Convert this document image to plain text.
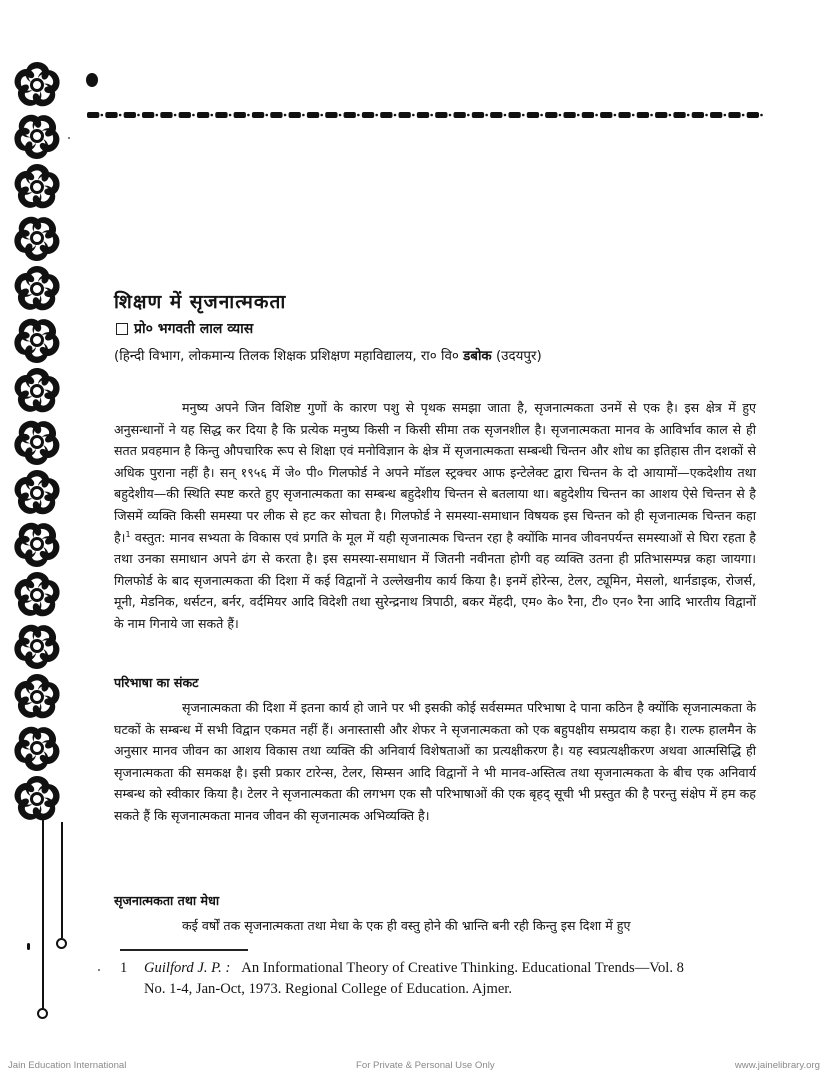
शिक्षण में सृजनात्मकता
प्रो० भगवती लाल व्यास
(हिन्दी विभाग, लोकमान्य तिलक शिक्षक प्रशिक्षण महाविद्यालय, रा० वि० डबोक (उदयपुर)

मनुष्य अपने जिन विशिष्ट गुणों के कारण पशु से पृथक समझा जाता है, सृजनात्मकता उनमें से एक है। इस क्षेत्र में हुए अनुसन्धानों ने यह सिद्ध कर दिया है कि प्रत्येक मनुष्य किसी न किसी सीमा तक सृजनशील है। सृजनात्मकता मानव के आविर्भाव काल से ही सतत प्रवहमान है किन्तु औपचारिक रूप से शिक्षा एवं मनोविज्ञान के क्षेत्र में सृजनात्मकता सम्बन्धी चिन्तन और शोध का इतिहास तीन दशकों से अधिक पुराना नहीं है। सन् १९५६ में जे० पी० गिलफोर्ड ने अपने मॉडल स्ट्रक्चर आफ इन्टेलेक्ट द्वारा चिन्तन के दो आयामों—एकदेशीय तथा बहुदेशीय—की स्थिति स्पष्ट करते हुए सृजनात्मकता का सम्बन्ध बहुदेशीय चिन्तन से बतलाया था। बहुदेशीय चिन्तन का आशय ऐसे चिन्तन से है जिसमें व्यक्ति किसी समस्या पर लीक से हट कर सोचता है। गिलफोर्ड ने समस्या-समाधान विषयक इस चिन्तन को ही सृजनात्मक चिन्तन कहा है।$^1$ वस्तुत: मानव सभ्यता के विकास एवं प्रगति के मूल में यही सृजनात्मक चिन्तन रहा है क्योंकि मानव जीवनपर्यन्त समस्याओं से घिरा रहता है तथा उनका समाधान अपने ढंग से करता है। इस समस्या-समाधान में जितनी नवीनता होगी वह व्यक्ति उतना ही प्रतिभासम्पन्न कहा जायगा। गिलफोर्ड के बाद सृजनात्मकता की दिशा में कई विद्वानों ने उल्लेखनीय कार्य किया है। इनमें होरेन्स, टेलर, ट्यूमिन, मेसलो, थार्नडाइक, रोजर्स, मूनी, मेडनिक, थर्सटन, बर्नर, वर्दमियर आदि विदेशी तथा सुरेन्द्रनाथ त्रिपाठी, बकर मेंहदी, एम० के० रैना, टी० एन० रैना आदि भारतीय विद्वानों के नाम गिनाये जा सकते हैं।

परिभाषा का संकट

सृजनात्मकता की दिशा में इतना कार्य हो जाने पर भी इसकी कोई सर्वसम्मत परिभाषा दे पाना कठिन है क्योंकि सृजनात्मकता के घटकों के सम्बन्ध में सभी विद्वान एकमत नहीं हैं। अनास्तासी और शेफर ने सृजनात्मकता को एक बहुपक्षीय सम्प्रदाय कहा है। राल्फ हालमैन के अनुसार मानव जीवन का आशय विकास तथा व्यक्ति की अनिवार्य विशेषताओं का प्रत्यक्षीकरण है। यह स्वप्रत्यक्षीकरण अथवा आत्मसिद्धि ही सृजनात्मकता की समकक्ष है। इसी प्रकार टारेन्स, टेलर, सिम्सन आदि विद्वानों ने भी मानव-अस्तित्व तथा सृजनात्मकता के बीच एक अनिवार्य सम्बन्ध को स्वीकार किया है। टेलर ने सृजनात्मकता की लगभग एक सौ परिभाषाओं की एक बृहद् सूची भी प्रस्तुत की है परन्तु संक्षेप में हम कह सकते हैं कि सृजनात्मकता मानव जीवन की सृजनात्मक अभिव्यक्ति है।

सृजनात्मकता तथा मेधा

कई वर्षों तक सृजनात्मकता तथा मेधा के एक ही वस्तु होने की भ्रान्ति बनी रही किन्तु इस दिशा में हुए

1 Guilford J. P. : An Informational Theory of Creative Thinking. Educational Trends—Vol. 8
No. 1-4, Jan-Oct, 1973. Regional College of Education. Ajmer.
Jain Education International	For Private & Personal Use Only	www.jainelibrary.org
